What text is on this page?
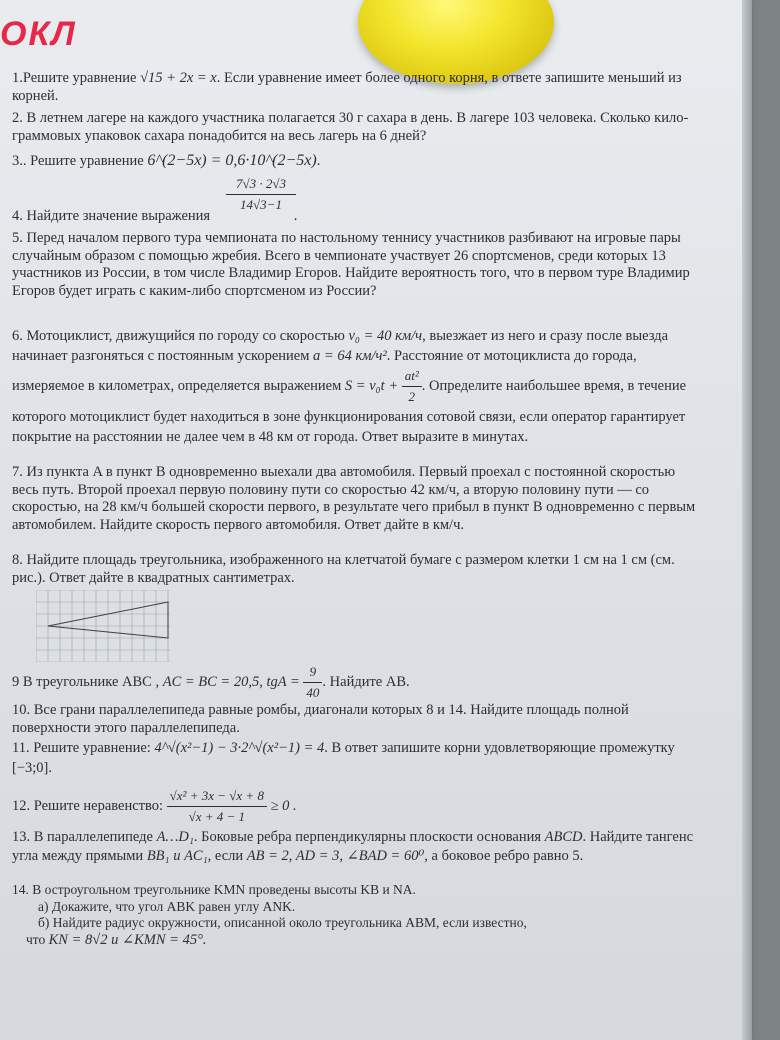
ОКЛ
1.Решите уравнение √15 + 2x = x. Если уравнение имеет более одного корня, в ответе запишите меньший из корней.
2. В летнем лагере на каждого участника полагается 30 г сахара в день. В лагере 103 человека. Сколько кило-граммовых упаковок сахара понадобится на весь лагерь на 6 дней?
3.. Решите уравнение 6^(2−5x) = 0,6·10^(2−5x).
$\frac{7√3 \cdot 2√3}{14√3-1}$
4. Найдите значение выражения	.
5. Перед началом первого тура чемпионата по настольному теннису участников разбивают на игровые пары случайным образом с помощью жребия. Всего в чемпионате участвует 26 спортсменов, среди которых 13 участников из России, в том числе Владимир Егоров. Найдите вероятность того, что в первом туре Владимир Егоров будет играть с каким-либо спортсменом из России?
6. Мотоциклист, движущийся по городу со скоростью v₀ = 40 км/ч, выезжает из него и сразу после выезда начинает разгоняться с постоянным ускорением a = 64 км/ч². Расстояние от мотоциклиста до города, измеряемое в километрах, определяется выражением $S = v_0t + \frac{\text{at²}}{2}$ . Определите наибольшее время, в течение которого мотоциклист будет находиться в зоне функционирования сотовой связи, если оператор гарантирует покрытие на расстоянии не далее чем в 48 км от города. Ответ выразите в минутах.
7. Из пункта A в пункт B одновременно выехали два автомобиля. Первый проехал с постоянной скоростью весь путь. Второй проехал первую половину пути со скоростью 42 км/ч, а вторую половину пути — со скоростью, на 28 км/ч большей скорости первого, в результате чего прибыл в пункт B одновременно с первым автомобилем. Найдите скорость первого автомобиля. Ответ дайте в км/ч.
8. Найдите площадь треугольника, изображенного на клетчатой бумаге с размером клетки 1 см на 1 см (см. рис.). Ответ дайте в квадратных сантиметрах.
9 В треугольнике ABC , AC = BC = 20,5, tgA = $\frac{9}{40}$ . Найдите AB.
10. Все грани параллелепипеда равные ромбы, диагонали которых 8 и 14. Найдите площадь полной поверхности этого параллелепипеда.
11. Решите уравнение: 4^√(x²−1) − 3·2^√(x²−1) = 4. В ответ запишите корни удовлетворяющие промежутку [−3;0].
12. Решите неравенство: $\frac{\text{√x² + 3x − √x + 8}}{√x + 4 - 1} \ge 0$ .
13. В параллелепипеде A…D₁. Боковые ребра перпендикулярны плоскости основания ABCD. Найдите тангенс угла между прямыми BB₁ и AC₁, если AB = 2, AD = 3, ∠BAD = 60⁰, а боковое ребро равно 5.
14. В остроугольном треугольнике KMN проведены высоты KB и NA.
а) Докажите, что угол ABK равен углу ANK.
б) Найдите радиус окружности, описанной около треугольника ABM, если известно,
что KN = 8√2 и ∠KMN = 45°.
